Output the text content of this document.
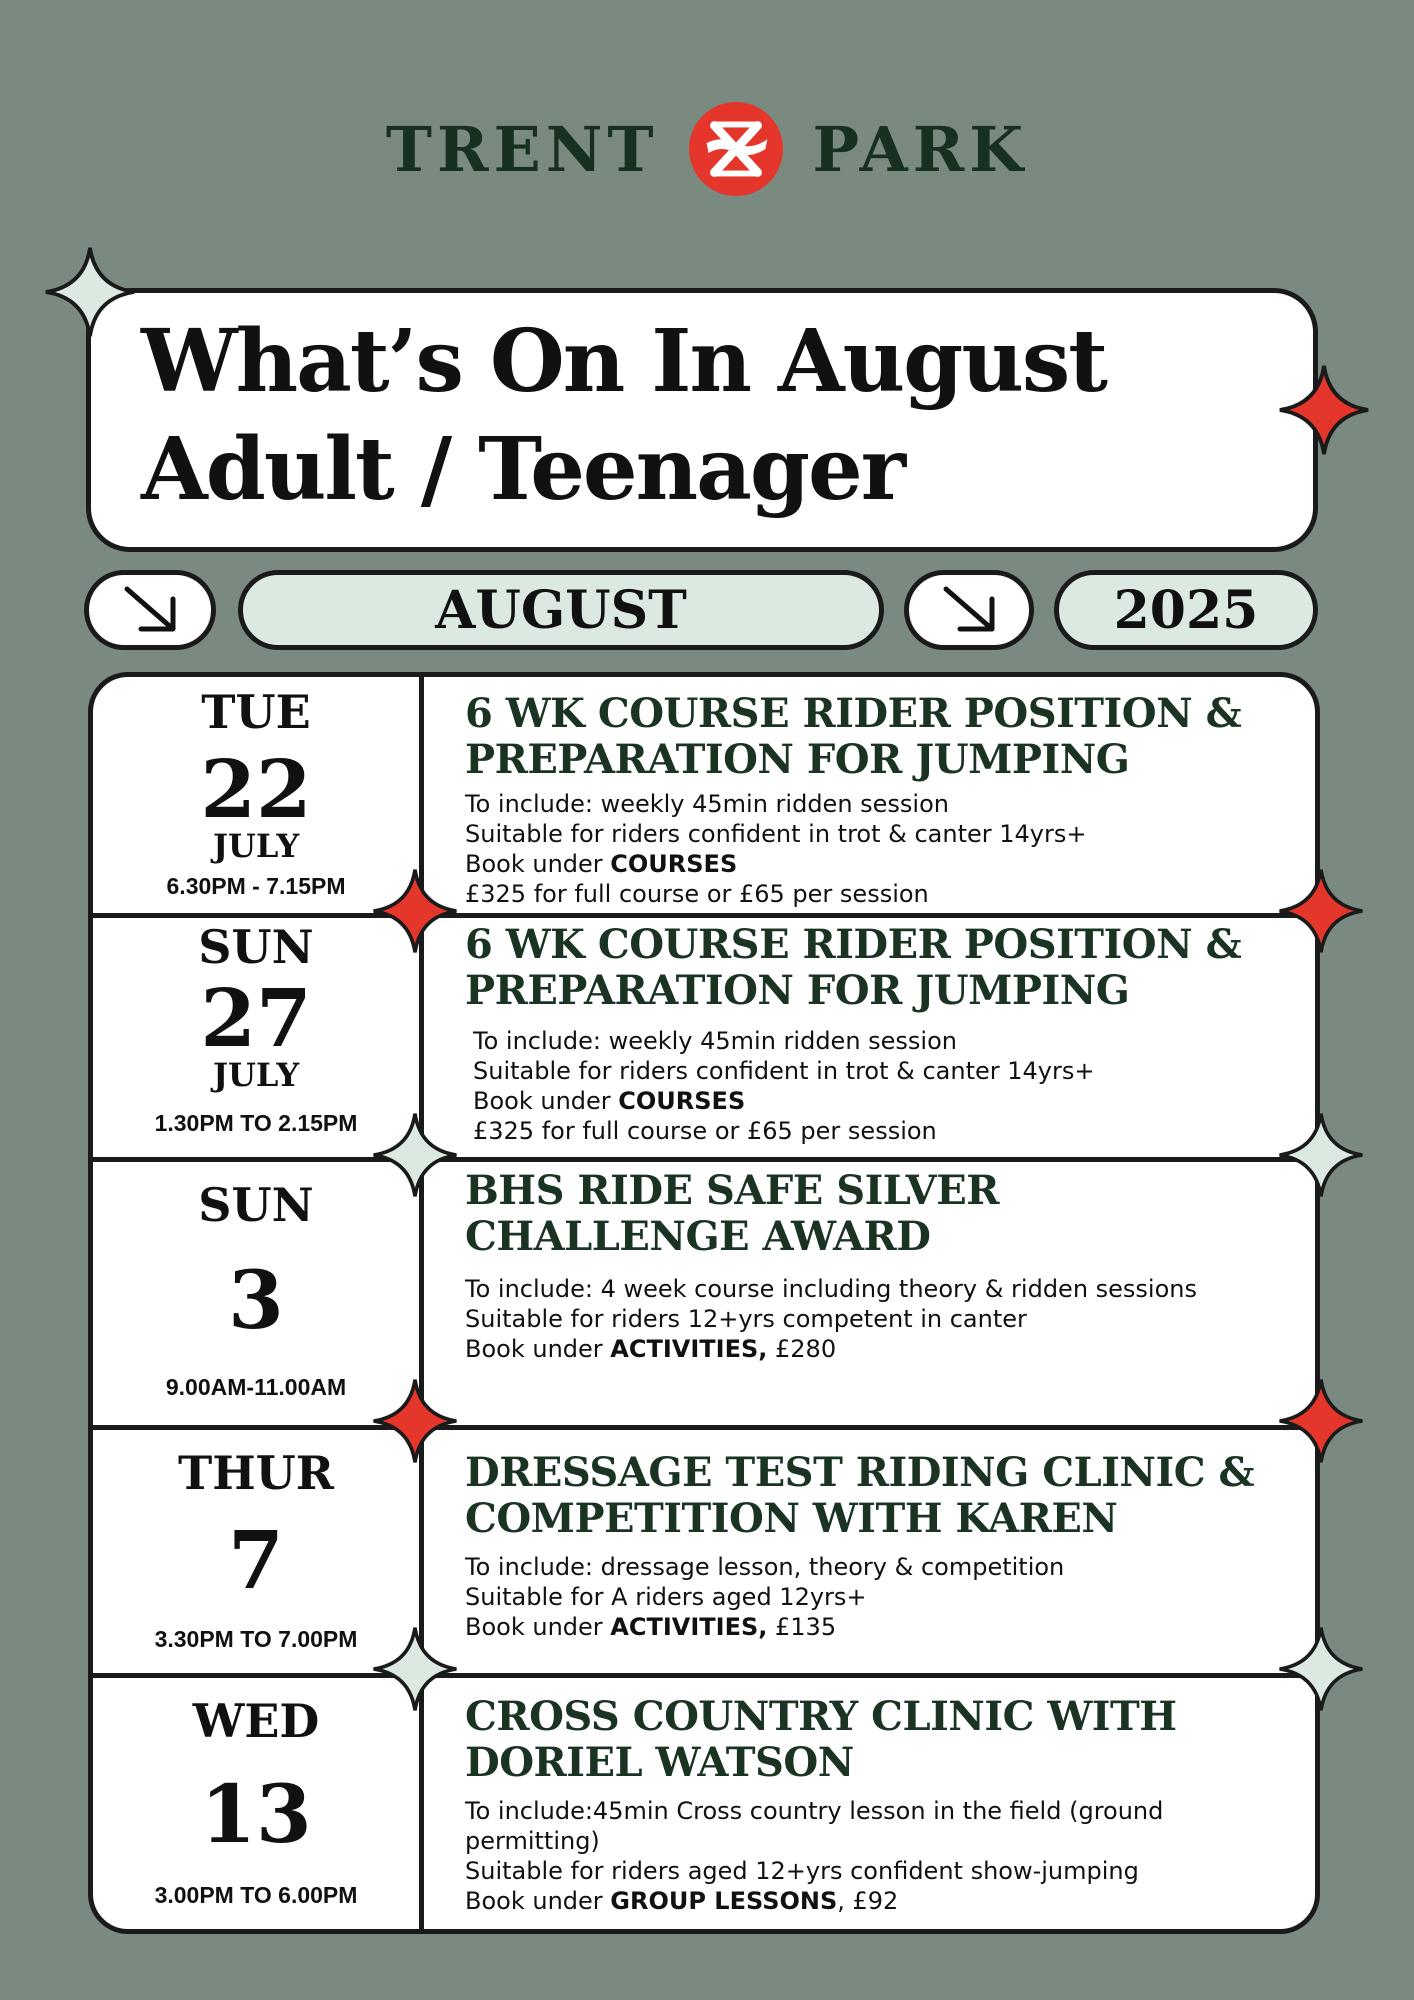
TRENT PARK
What’s On In August
Adult / Teenager
AUGUST	2025
TUE
22
JULY
6.30PM - 7.15PM
6 WK COURSE RIDER POSITION & PREPARATION FOR JUMPING
To include: weekly 45min ridden session
Suitable for riders confident in trot & canter 14yrs+
Book under COURSES
£325 for full course or £65 per session
SUN
27
JULY
1.30PM TO 2.15PM
6 WK COURSE RIDER POSITION & PREPARATION FOR JUMPING
To include: weekly 45min ridden session
Suitable for riders confident in trot & canter 14yrs+
Book under COURSES
£325 for full course or £65 per session
SUN
3
9.00AM-11.00AM
BHS RIDE SAFE SILVER CHALLENGE AWARD
To include: 4 week course including theory & ridden sessions
Suitable for riders 12+yrs competent in canter
Book under ACTIVITIES, £280
THUR
7
3.30PM TO 7.00PM
DRESSAGE TEST RIDING CLINIC & COMPETITION WITH KAREN
To include: dressage lesson, theory & competition
Suitable for A riders aged 12yrs+
Book under ACTIVITIES, £135
WED
13
3.00PM TO 6.00PM
CROSS COUNTRY CLINIC WITH DORIEL WATSON
To include:45min Cross country lesson in the field (ground permitting)
Suitable for riders aged 12+yrs confident show-jumping
Book under GROUP LESSONS, £92
